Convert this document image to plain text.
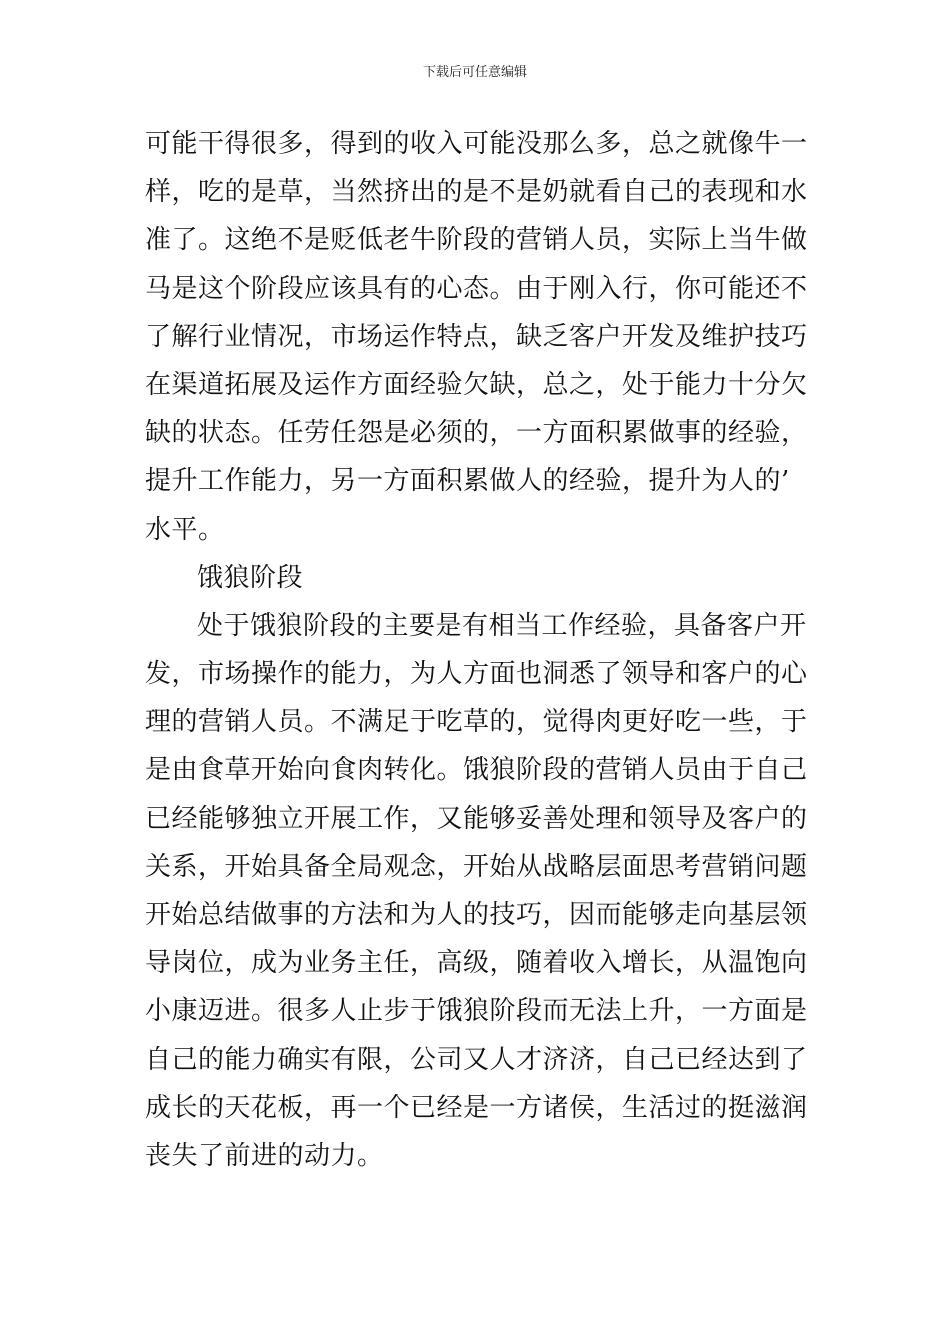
下载后可任意编辑
可能干得很多，得到的收入可能没那么多，总之就像牛一
样，吃的是草，当然挤出的是不是奶就看自己的表现和水
准了。这绝不是贬低老牛阶段的营销人员，实际上当牛做
马是这个阶段应该具有的心态。由于刚入行，你可能还不
了解行业情况，市场运作特点，缺乏客户开发及维护技巧
在渠道拓展及运作方面经验欠缺，总之，处于能力十分欠
缺的状态。任劳任怨是必须的，一方面积累做事的经验，
提升工作能力，另一方面积累做人的经验，提升为人的’
水平。
饿狼阶段
处于饿狼阶段的主要是有相当工作经验，具备客户开
发，市场操作的能力，为人方面也洞悉了领导和客户的心
理的营销人员。不满足于吃草的，觉得肉更好吃一些，于
是由食草开始向食肉转化。饿狼阶段的营销人员由于自己
已经能够独立开展工作，又能够妥善处理和领导及客户的
关系，开始具备全局观念，开始从战略层面思考营销问题
开始总结做事的方法和为人的技巧，因而能够走向基层领
导岗位，成为业务主任，高级，随着收入增长，从温饱向
小康迈进。很多人止步于饿狼阶段而无法上升，一方面是
自己的能力确实有限，公司又人才济济，自己已经达到了
成长的天花板，再一个已经是一方诸侯，生活过的挺滋润
丧失了前进的动力。
